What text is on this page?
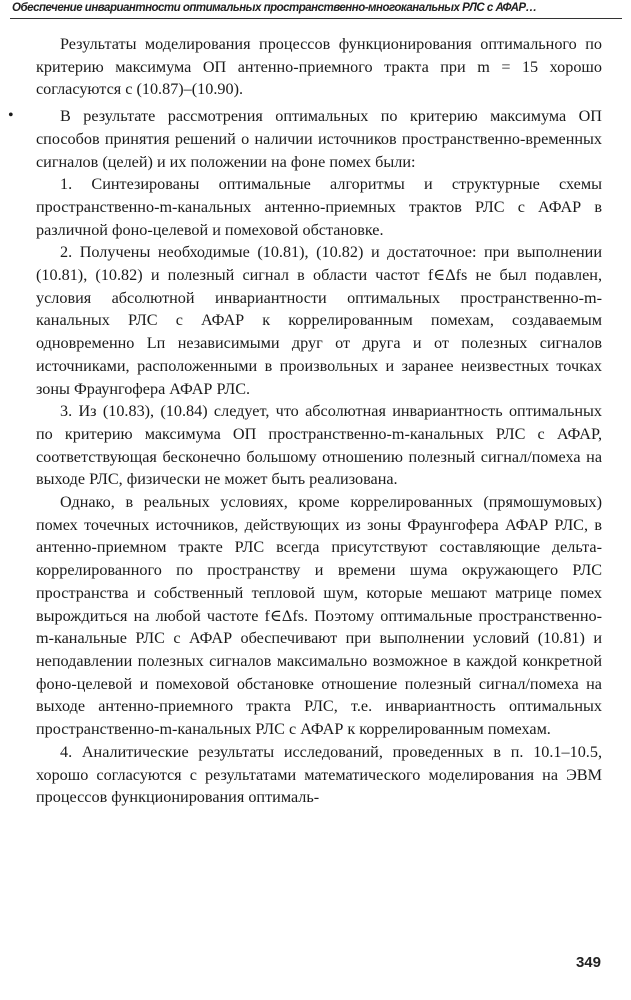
Обеспечение инвариантности оптимальных пространственно-многоканальных РЛС с АФАР…

Результаты моделирования процессов функционирования оптимального по критерию максимума ОП антенно-приемного тракта при m = 15 хорошо согласуются с (10.87)–(10.90).

•	В результате рассмотрения оптимальных по критерию максимума ОП способов принятия решений о наличии источников пространственно-временных сигналов (целей) и их положении на фоне помех были:

1. Синтезированы оптимальные алгоритмы и структурные схемы пространственно-m-канальных антенно-приемных трактов РЛС с АФАР в различной фоно-целевой и помеховой обстановке.

2. Получены необходимые (10.81), (10.82) и достаточное: при выполнении (10.81), (10.82) и полезный сигнал в области частот f∈Δfs не был подавлен, условия абсолютной инвариантности оптимальных пространственно-m-канальных РЛС с АФАР к коррелированным помехам, создаваемым одновременно Lп независимыми друг от друга и от полезных сигналов источниками, расположенными в произвольных и заранее неизвестных точках зоны Фраунгофера АФАР РЛС.

3. Из (10.83), (10.84) следует, что абсолютная инвариантность оптимальных по критерию максимума ОП пространственно-m-канальных РЛС с АФАР, соответствующая бесконечно большому отношению полезный сигнал/помеха на выходе РЛС, физически не может быть реализована.

Однако, в реальных условиях, кроме коррелированных (прямошумовых) помех точечных источников, действующих из зоны Фраунгофера АФАР РЛС, в антенно-приемном тракте РЛС всегда присутствуют составляющие дельта-коррелированного по пространству и времени шума окружающего РЛС пространства и собственный тепловой шум, которые мешают матрице помех вырождиться на любой частоте f∈Δfs. Поэтому оптимальные пространственно-m-канальные РЛС с АФАР обеспечивают при выполнении условий (10.81) и неподавлении полезных сигналов максимально возможное в каждой конкретной фоно-целевой и помеховой обстановке отношение полезный сигнал/помеха на выходе антенно-приемного тракта РЛС, т.е. инвариантность оптимальных пространственно-m-канальных РЛС с АФАР к коррелированным помехам.

4. Аналитические результаты исследований, проведенных в п. 10.1–10.5, хорошо согласуются с результатами математического моделирования на ЭВМ процессов функционирования оптималь-

349
